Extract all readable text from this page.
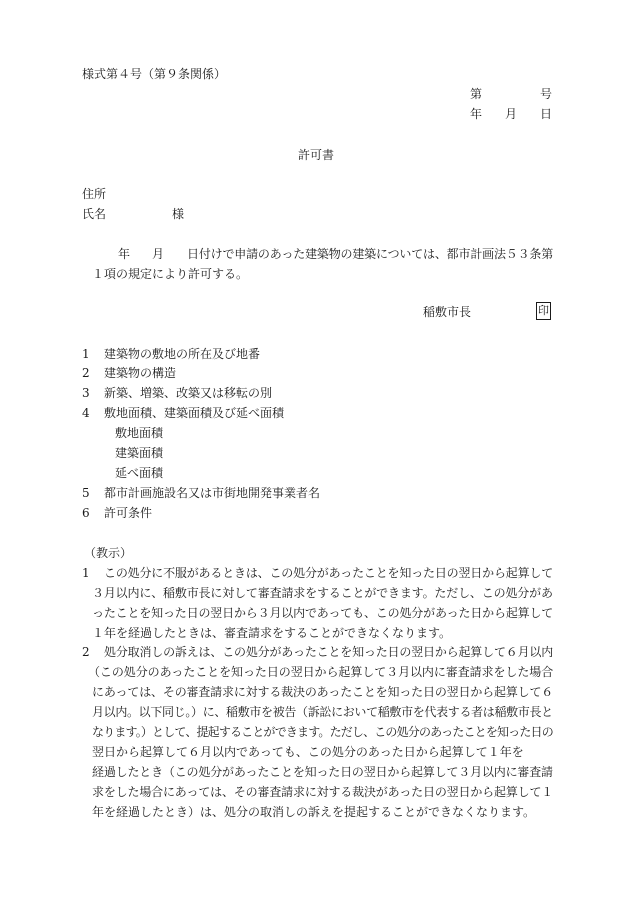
様式第４号（第９条関係）
第	号
年 月 日
許可書
住所
氏名	様
年 月 日付けで申請のあった建築物の建築については、都市計画法５３条第
１項の規定により許可する。
稲敷市長	印
1 建築物の敷地の所在及び地番
2 建築物の構造
3 新築、増築、改築又は移転の別
4 敷地面積、建築面積及び延べ面積
敷地面積
建築面積
延べ面積
5 都市計画施設名又は市街地開発事業者名
6 許可条件
（教示）
1 この処分に不服があるときは、この処分があったことを知った日の翌日から起算して
３月以内に、稲敷市長に対して審査請求をすることができます。ただし、この処分があ
ったことを知った日の翌日から３月以内であっても、この処分があった日から起算して
１年を経過したときは、審査請求をすることができなくなります。
2 処分取消しの訴えは、この処分があったことを知った日の翌日から起算して６月以内
（この処分のあったことを知った日の翌日から起算して３月以内に審査請求をした場合
にあっては、その審査請求に対する裁決のあったことを知った日の翌日から起算して６
月以内。以下同じ。）に、稲敷市を被告（訴訟において稲敷市を代表する者は稲敷市長と
なります。）として、提起することができます。ただし、この処分のあったことを知った日の
翌日から起算して６月以内であっても、この処分のあった日から起算して１年を
経過したとき（この処分があったことを知った日の翌日から起算して３月以内に審査請
求をした場合にあっては、その審査請求に対する裁決があった日の翌日から起算して１
年を経過したとき）は、処分の取消しの訴えを提起することができなくなります。
